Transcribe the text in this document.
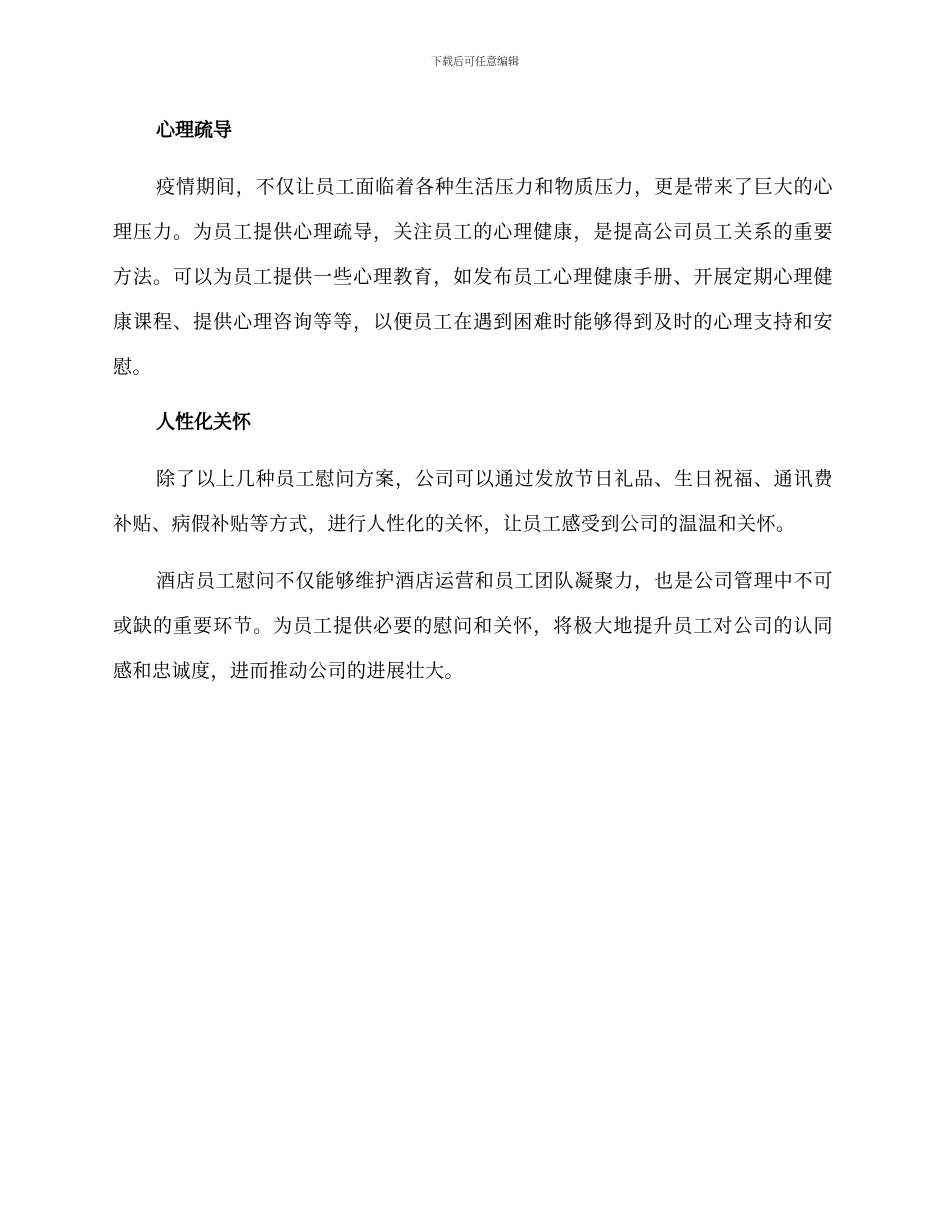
下载后可任意编辑
心理疏导

疫情期间，不仅让员工面临着各种生活压力和物质压力，更是带来了巨大的心理压力。为员工提供心理疏导，关注员工的心理健康，是提高公司员工关系的重要方法。可以为员工提供一些心理教育，如发布员工心理健康手册、开展定期心理健康课程、提供心理咨询等等，以便员工在遇到困难时能够得到及时的心理支持和安慰。

人性化关怀

除了以上几种员工慰问方案，公司可以通过发放节日礼品、生日祝福、通讯费补贴、病假补贴等方式，进行人性化的关怀，让员工感受到公司的温温和关怀。

酒店员工慰问不仅能够维护酒店运营和员工团队凝聚力，也是公司管理中不可或缺的重要环节。为员工提供必要的慰问和关怀，将极大地提升员工对公司的认同感和忠诚度，进而推动公司的进展壮大。
